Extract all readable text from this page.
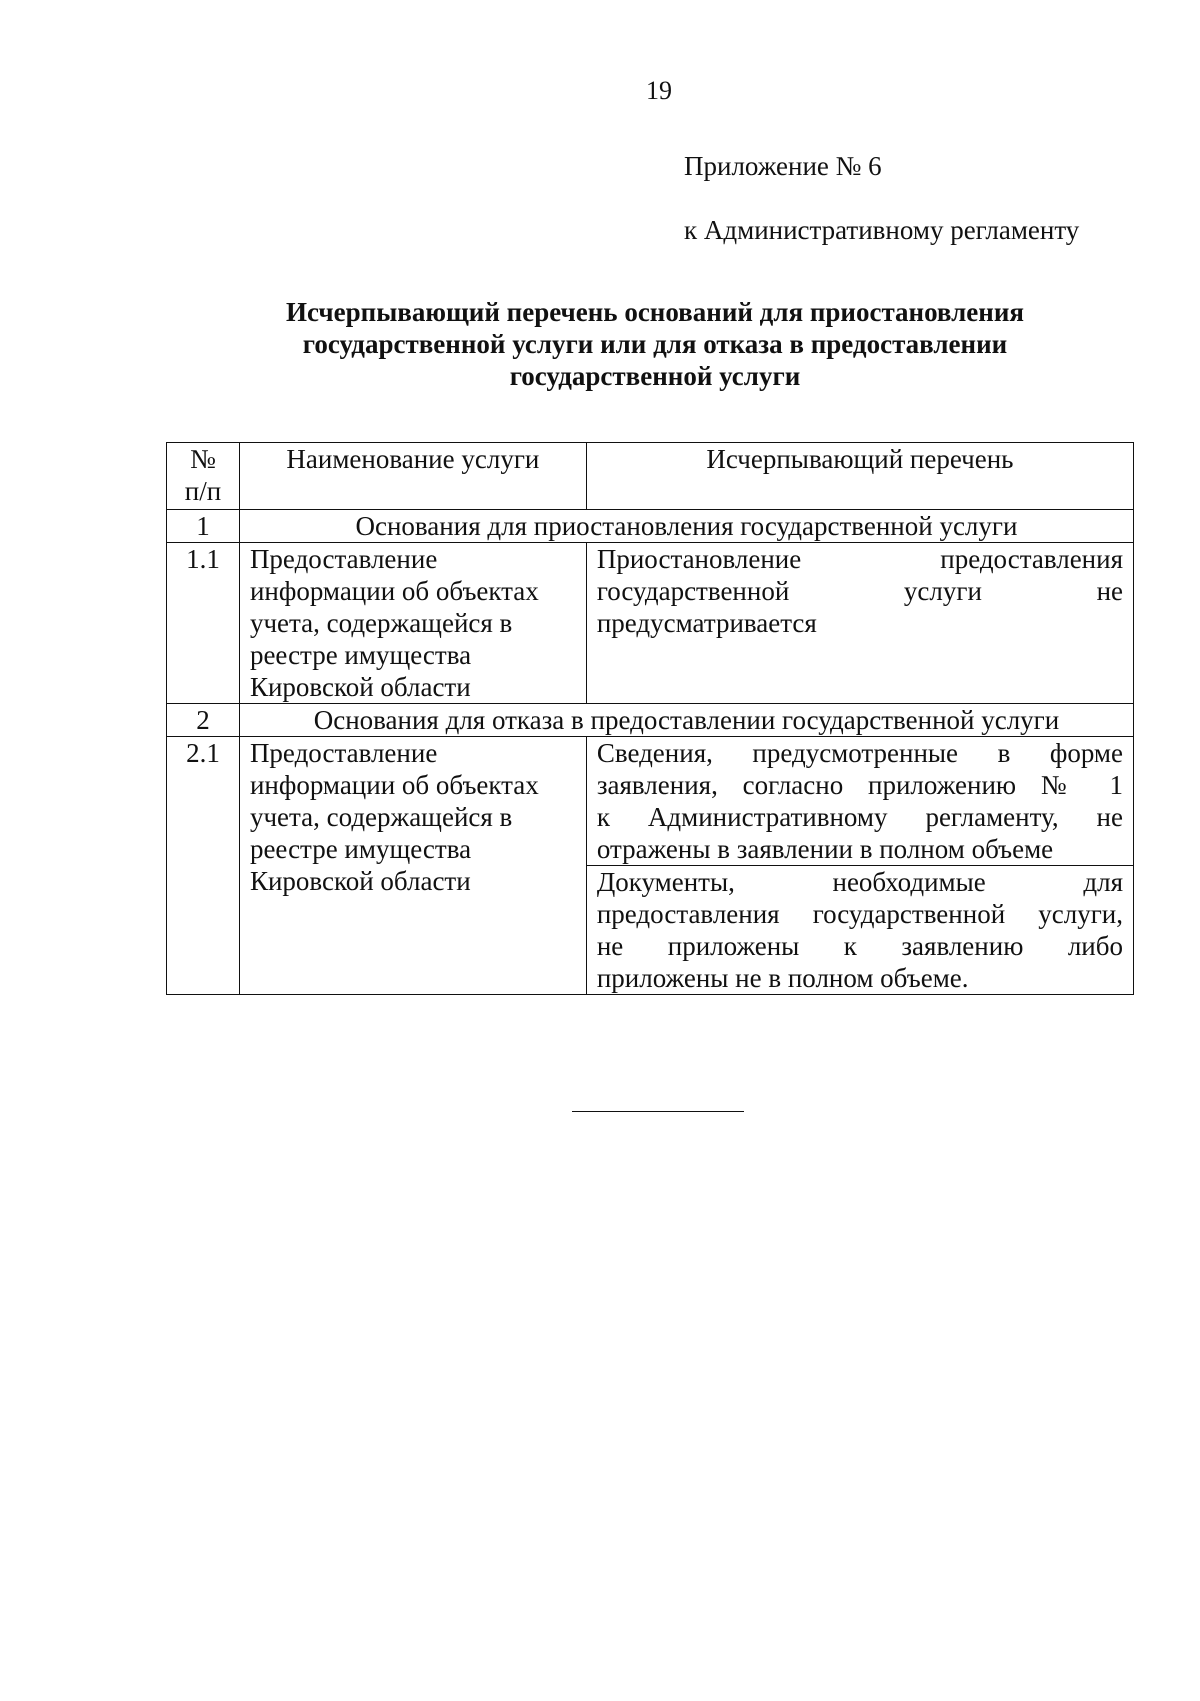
19
Приложение № 6
к Административному регламенту
Исчерпывающий перечень оснований для приостановления
государственной услуги или для отказа в предоставлении
государственной услуги
№
п/п	Наименование услуги	Исчерпывающий перечень
1	Основания для приостановления государственной услуги	
1.1	Предоставление
информации об объектах
учета, содержащейся в
реестре имущества
Кировской области	Приостановление предоставления
государственной услуги не
предусматривается

2	Основания для отказа в предоставлении государственной услуги	
2.1	Предоставление
информации об объектах
учета, содержащейся в
реестре имущества
Кировской области	Сведения, предусмотренные в форме
заявления, согласно приложению № 1
к Административному регламенту, не
отражены в заявлении в полном объеме

		Документы, необходимые для
предоставления государственной услуги,
не приложены к заявлению либо
приложены не в полном объеме.
